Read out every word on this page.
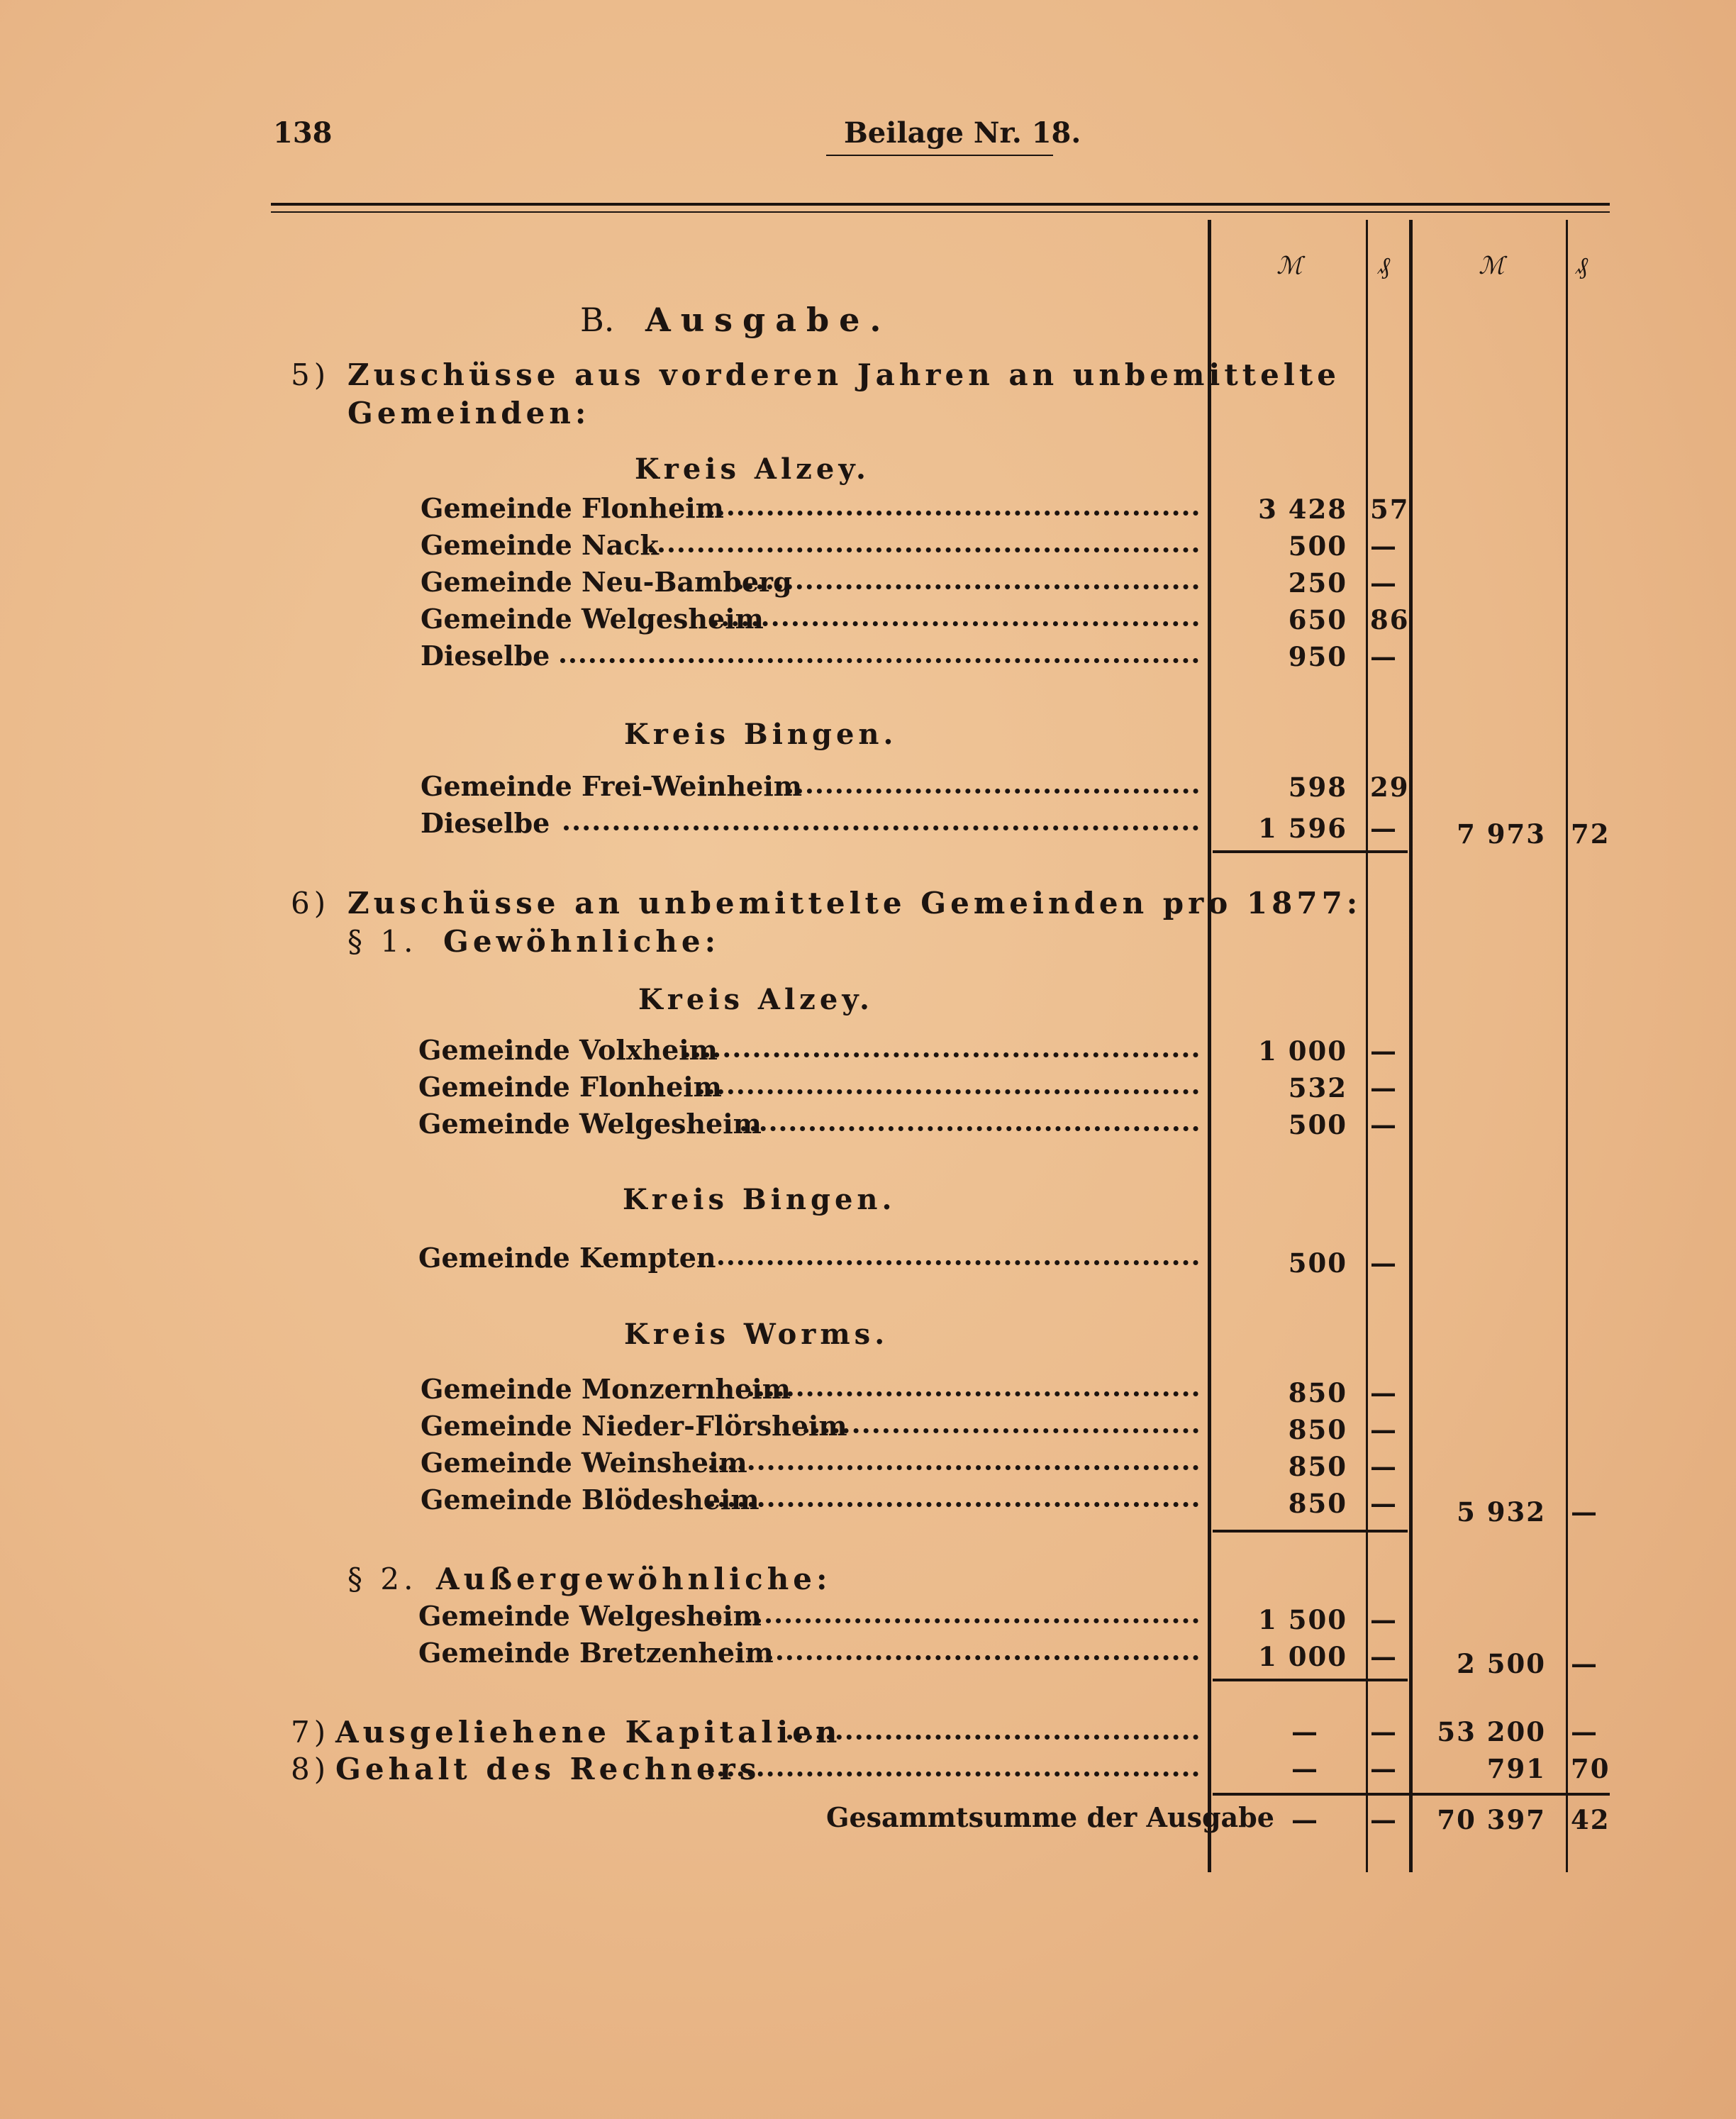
138	Beilage Nr. 18.
ℳ	₰	ℳ	₰
B. Ausgabe.
5) Zuschüsse aus vorderen Jahren an unbemittelte
Gemeinden:
Kreis Alzey.
Gemeinde Flonheim	3 428 57
Gemeinde Nack	500 —
Gemeinde Neu-Bamberg	250 —
Gemeinde Welgesheim	650 86
Dieselbe	950 —
Kreis Bingen.
Gemeinde Frei-Weinheim	598 29
Dieselbe	1 596 —	7 973 72
6) Zuschüsse an unbemittelte Gemeinden pro 1877:
§ 1. Gewöhnliche:
Kreis Alzey.
Gemeinde Volxheim	1 000 —
Gemeinde Flonheim	532 —
Gemeinde Welgesheim	500 —
Kreis Bingen.
Gemeinde Kempten	500 —
Kreis Worms.
Gemeinde Monzernheim	850 —
Gemeinde Nieder-Flörsheim	850 —
Gemeinde Weinsheim	850 —
Gemeinde Blödesheim	850 —	5 932 —
§ 2. Außergewöhnliche:
Gemeinde Welgesheim	1 500 —
Gemeinde Bretzenheim	1 000 —	2 500 —
7) Ausgeliehene Kapitalien	— —	53 200 —
8) Gehalt des Rechners	— —	791 70
Gesammtsumme der Ausgabe — —	70 397 42
